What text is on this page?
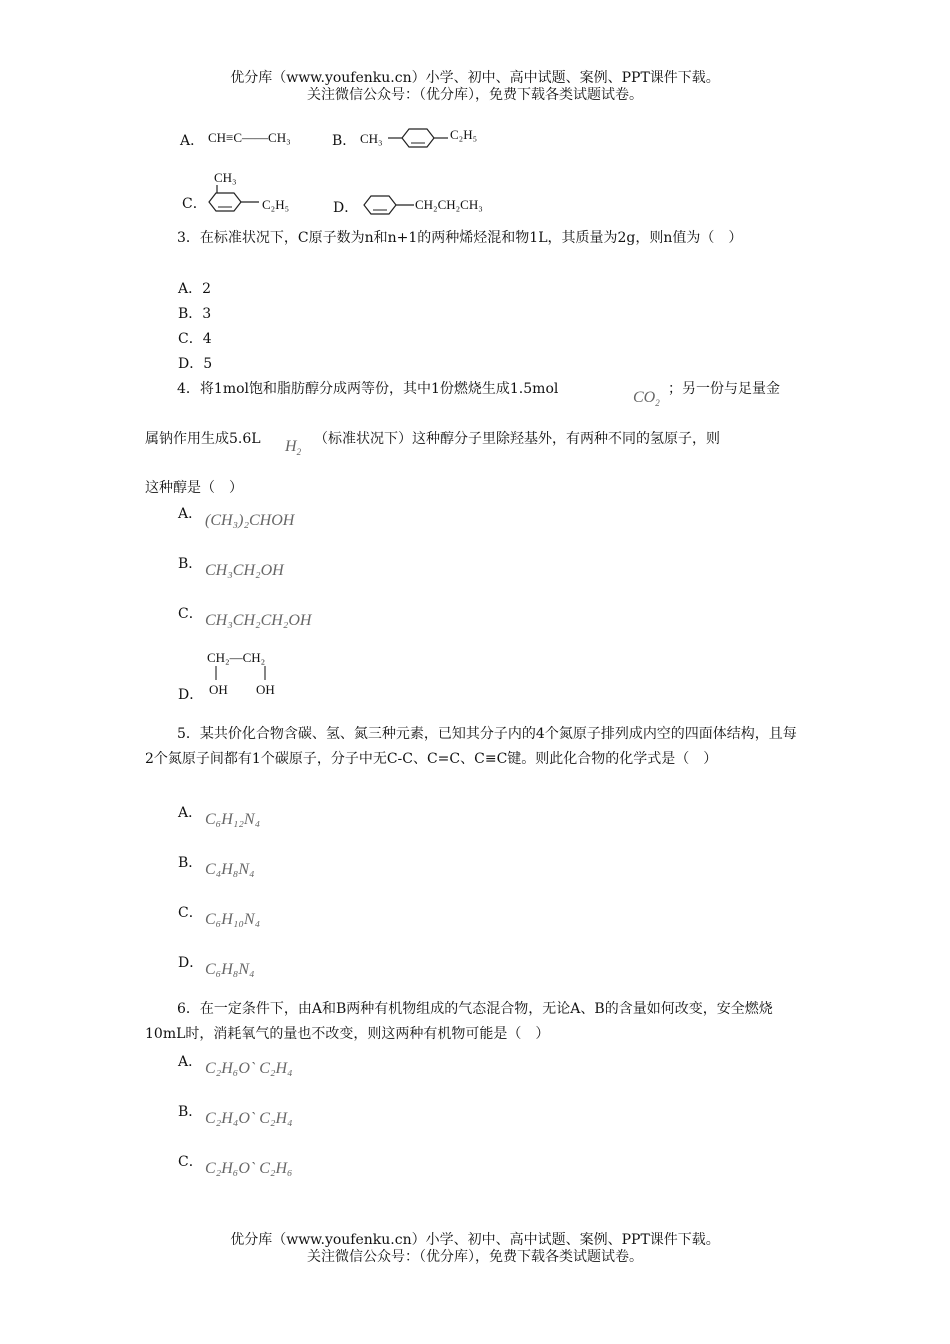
优分库（www.youfenku.cn）小学、初中、高中试题、案例、PPT课件下载。
关注微信公众号：（优分库），免费下载各类试题试卷。
A． CH≡C——CH₃	B． CH₃	C₂H₅
C．
CH₃
C₂H₅	D．	CH₂CH₂CH₃
3．在标准状况下，C原子数为n和n+1的两种烯烃混和物1L，其质量为2g，则n值为（　）
A．2
B．3
C．4
D．5
4．将1mol饱和脂肪醇分成两等份，其中1份燃烧生成1.5mol	$CO_2$
；另一份与足量金
属钠作用生成5.6L $H_2$
（标准状况下）这种醇分子里除羟基外，有两种不同的氢原子，则
这种醇是（　）
A． (CH₃)₂CHOH
B． CH₃CH₂OH
C． CH₃CH₂CH₂OH
D．
CH₂—CH₂
OH OH
5．某共价化合物含碳、氢、氮三种元素，已知其分子内的4个氮原子排列成内空的四面体结构，且每2个氮原子间都有1个碳原子，分子中无C-C、C=C、C≡C键。则此化合物的化学式是（　）
A． C₆H₁₂N₄
B． C₄H₈N₄
C． C₆H₁₀N₄
D． C₆H₈N₄
6．在一定条件下，由A和B两种有机物组成的气态混合物，无论A、B的含量如何改变，安全燃烧10mL时，消耗氧气的量也不改变，则这两种有机物可能是（　）
A． C₂H₆O` C₂H₄
B． C₂H₄O` C₂H₄
C． C₂H₆O` C₂H₆
优分库（www.youfenku.cn）小学、初中、高中试题、案例、PPT课件下载。
关注微信公众号：（优分库），免费下载各类试题试卷。
